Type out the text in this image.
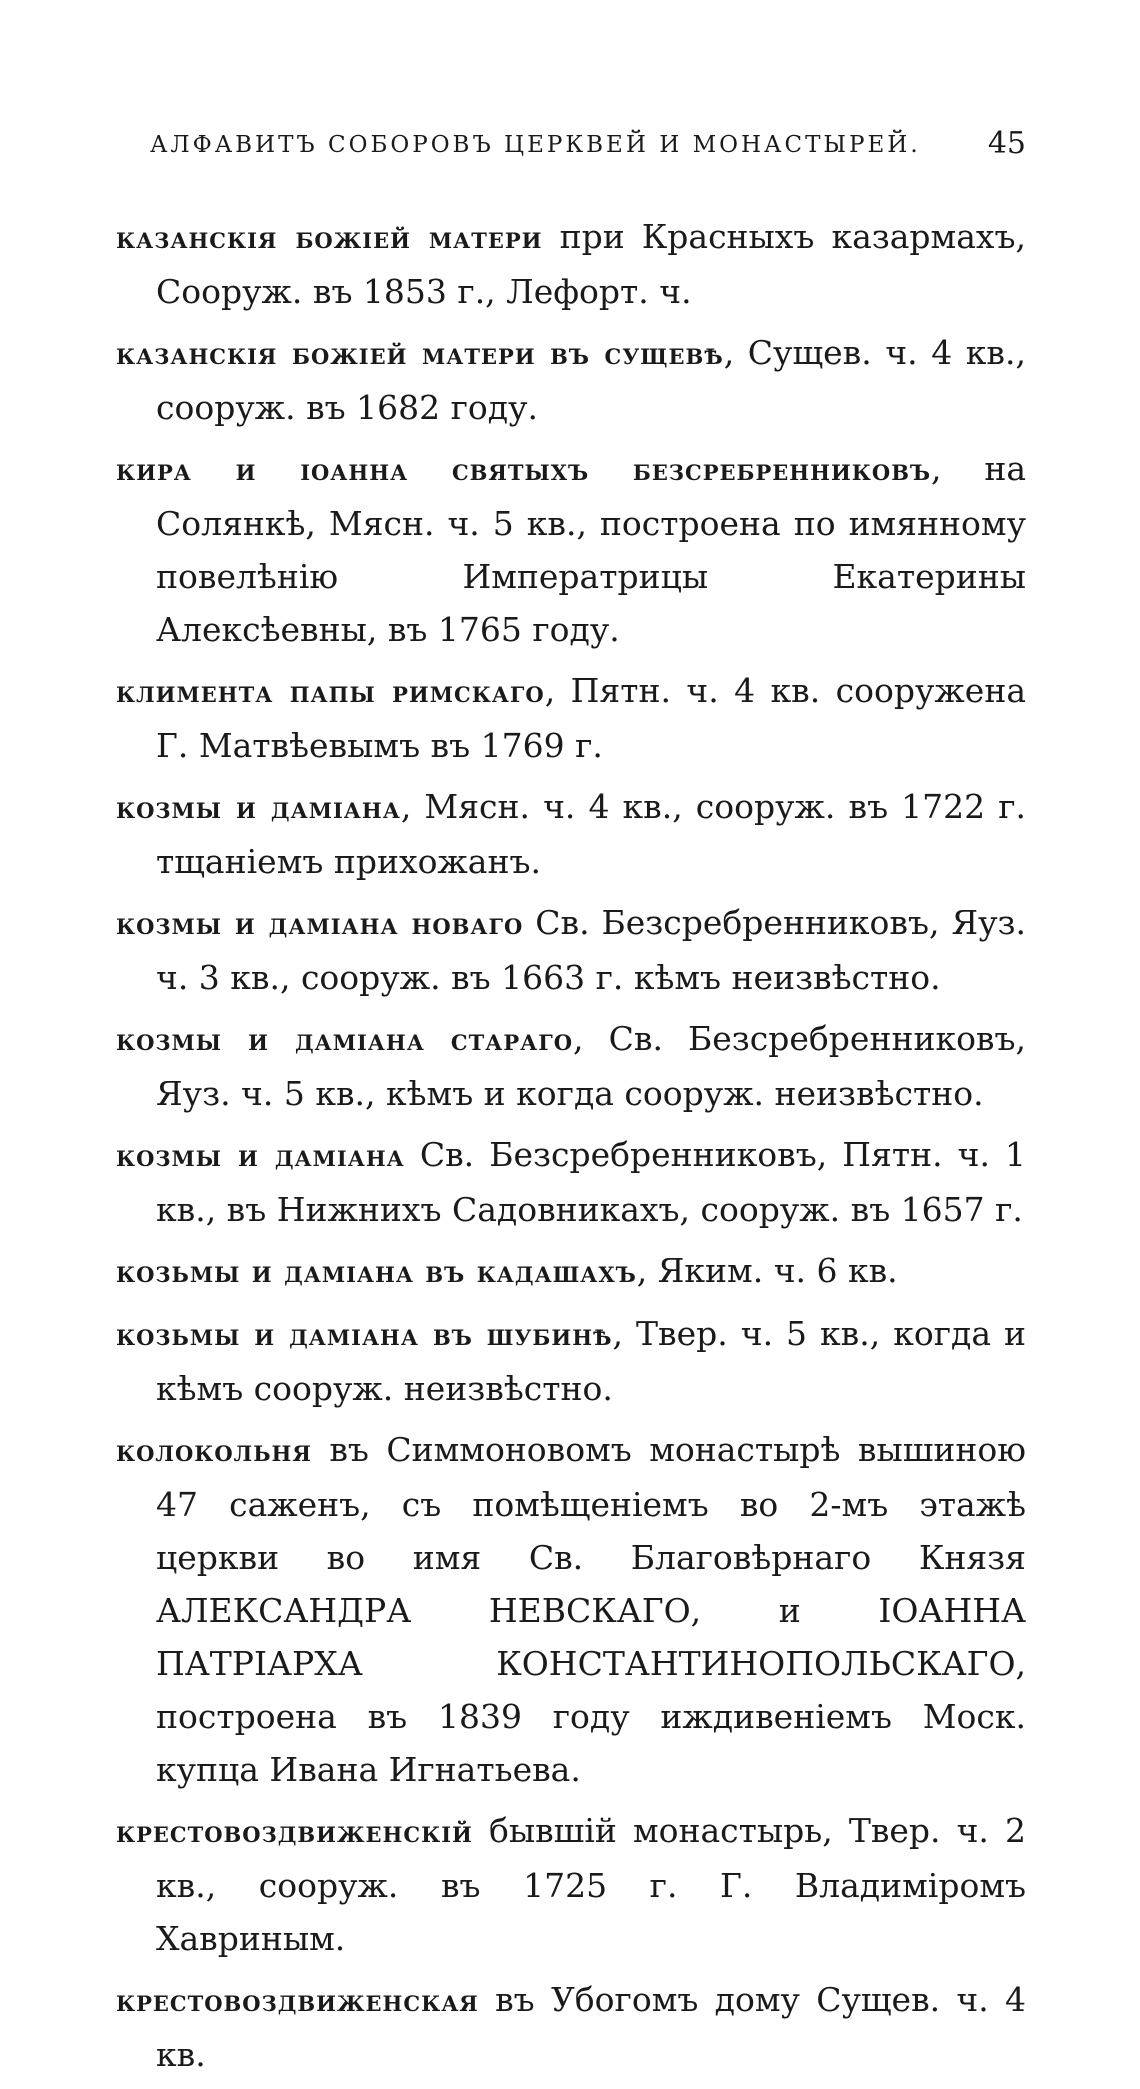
АЛФАВИТЪ СОБОРОВЪ ЦЕРКВЕЙ И МОНАСТЫРЕЙ. 45
казанскія божіей матери при Красныхъ казармахъ, Сооруж. въ 1853 г., Лефорт. ч.
казанскія божіей матери въ сущевѣ, Сущев. ч. 4 кв., сооруж. въ 1682 году.
кира и іоанна святыхъ безсребренниковъ, на Солянкѣ, Мясн. ч. 5 кв., построена по имянному повелѣнію Императрицы Екатерины Алексѣевны, въ 1765 году.
климента папы римскаго, Пятн. ч. 4 кв. сооружена Г. Матвѣевымъ въ 1769 г.
козмы и даміана, Мясн. ч. 4 кв., сооруж. въ 1722 г. тщаніемъ прихожанъ.
козмы и даміана новаго Св. Безсребренниковъ, Яуз. ч. 3 кв., сооруж. въ 1663 г. кѣмъ неизвѣстно.
козмы и даміана стараго, Св. Безсребренниковъ, Яуз. ч. 5 кв., кѣмъ и когда сооруж. неизвѣстно.
козмы и даміана Св. Безсребренниковъ, Пятн. ч. 1 кв., въ Нижнихъ Садовникахъ, сооруж. въ 1657 г.
козьмы и даміана въ кадашахъ, Яким. ч. 6 кв.
козьмы и даміана въ шубинѣ, Твер. ч. 5 кв., когда и кѣмъ сооруж. неизвѣстно.
колокольня въ Симмоновомъ монастырѣ вышиною 47 саженъ, съ помѣщеніемъ во 2-мъ этажѣ церкви во имя Св. Благовѣрнаго Князя АЛЕКСАНДРА НЕВСКАГО, и ІОАННА ПАТРІАРХА КОНСТАНТИНОПОЛЬСКАГО, построена въ 1839 году иждивеніемъ Моск. купца Ивана Игнатьева.
крестовоздвиженскій бывшій монастырь, Твер. ч. 2 кв., сооруж. въ 1725 г. Г. Владиміромъ Хавриным.
крестовоздвиженская въ Убогомъ дому Сущев. ч. 4 кв.
